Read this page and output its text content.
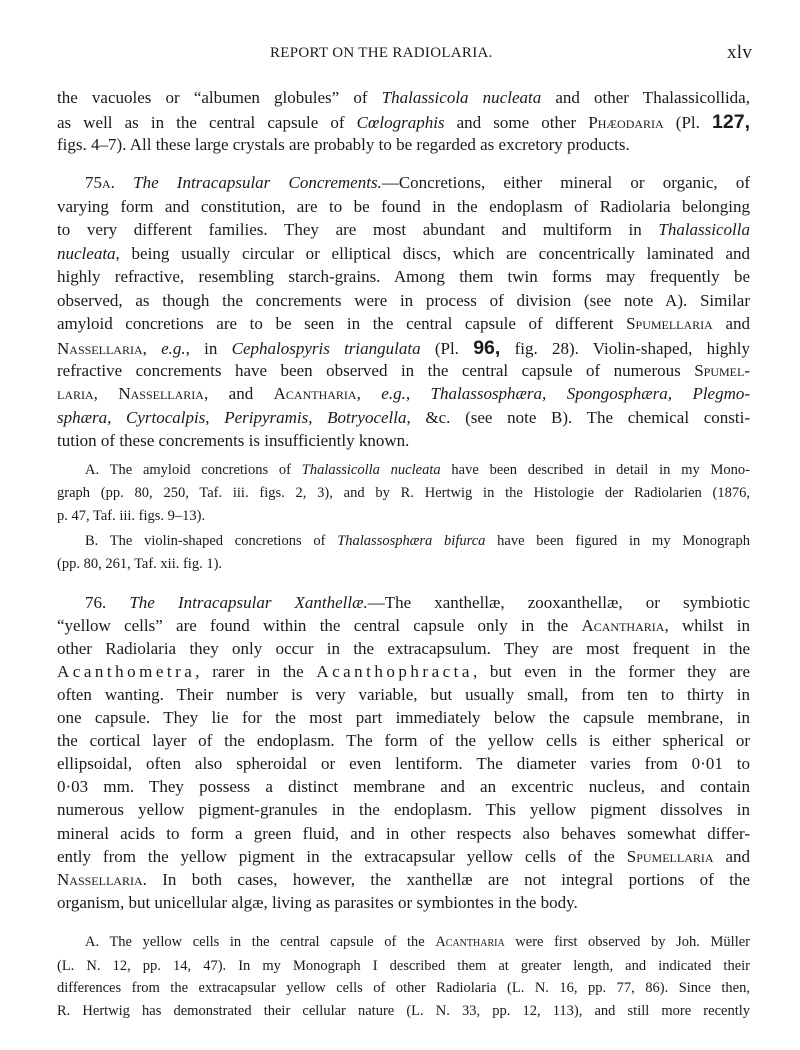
REPORT ON THE RADIOLARIA.	xlv
the vacuoles or “albumen globules” of Thalassicola nucleata and other Thalassicollida,
as well as in the central capsule of Cœlographis and some other Phæodaria (Pl. 127,
figs. 4–7). All these large crystals are probably to be regarded as excretory products.
75a. The Intracapsular Concrements.—Concretions, either mineral or organic, of
varying form and constitution, are to be found in the endoplasm of Radiolaria belonging
to very different families. They are most abundant and multiform in Thalassicolla
nucleata, being usually circular or elliptical discs, which are concentrically laminated and
highly refractive, resembling starch-grains. Among them twin forms may frequently be
observed, as though the concrements were in process of division (see note A). Similar
amyloid concretions are to be seen in the central capsule of different Spumellaria and
Nassellaria, e.g., in Cephalospyris triangulata (Pl. 96, fig. 28). Violin-shaped, highly
refractive concrements have been observed in the central capsule of numerous Spumel-
laria, Nassellaria, and Acantharia, e.g., Thalassosphæra, Spongosphæra, Plegmo-
sphæra, Cyrtocalpis, Peripyramis, Botryocella, &c. (see note B). The chemical consti-
tution of these concrements is insufficiently known.
A. The amyloid concretions of Thalassicolla nucleata have been described in detail in my Mono-
graph (pp. 80, 250, Taf. iii. figs. 2, 3), and by R. Hertwig in the Histologie der Radiolarien (1876,
p. 47, Taf. iii. figs. 9–13).
B. The violin-shaped concretions of Thalassosphæra bifurca have been figured in my Monograph
(pp. 80, 261, Taf. xii. fig. 1).
76. The Intracapsular Xanthellæ.—The xanthellæ, zooxanthellæ, or symbiotic
“yellow cells” are found within the central capsule only in the Acantharia, whilst in
other Radiolaria they only occur in the extracapsulum. They are most frequent in the
Acanthometra, rarer in the Acanthophracta, but even in the former they are
often wanting. Their number is very variable, but usually small, from ten to thirty in
one capsule. They lie for the most part immediately below the capsule membrane, in
the cortical layer of the endoplasm. The form of the yellow cells is either spherical or
ellipsoidal, often also spheroidal or even lentiform. The diameter varies from 0·01 to
0·03 mm. They possess a distinct membrane and an excentric nucleus, and contain
numerous yellow pigment-granules in the endoplasm. This yellow pigment dissolves in
mineral acids to form a green fluid, and in other respects also behaves somewhat differ-
ently from the yellow pigment in the extracapsular yellow cells of the Spumellaria and
Nassellaria. In both cases, however, the xanthellæ are not integral portions of the
organism, but unicellular algæ, living as parasites or symbiontes in the body.
A. The yellow cells in the central capsule of the Acantharia were first observed by Joh. Müller
(L. N. 12, pp. 14, 47). In my Monograph I described them at greater length, and indicated their
differences from the extracapsular yellow cells of other Radiolaria (L. N. 16, pp. 77, 86). Since then,
R. Hertwig has demonstrated their cellular nature (L. N. 33, pp. 12, 113), and still more recently
